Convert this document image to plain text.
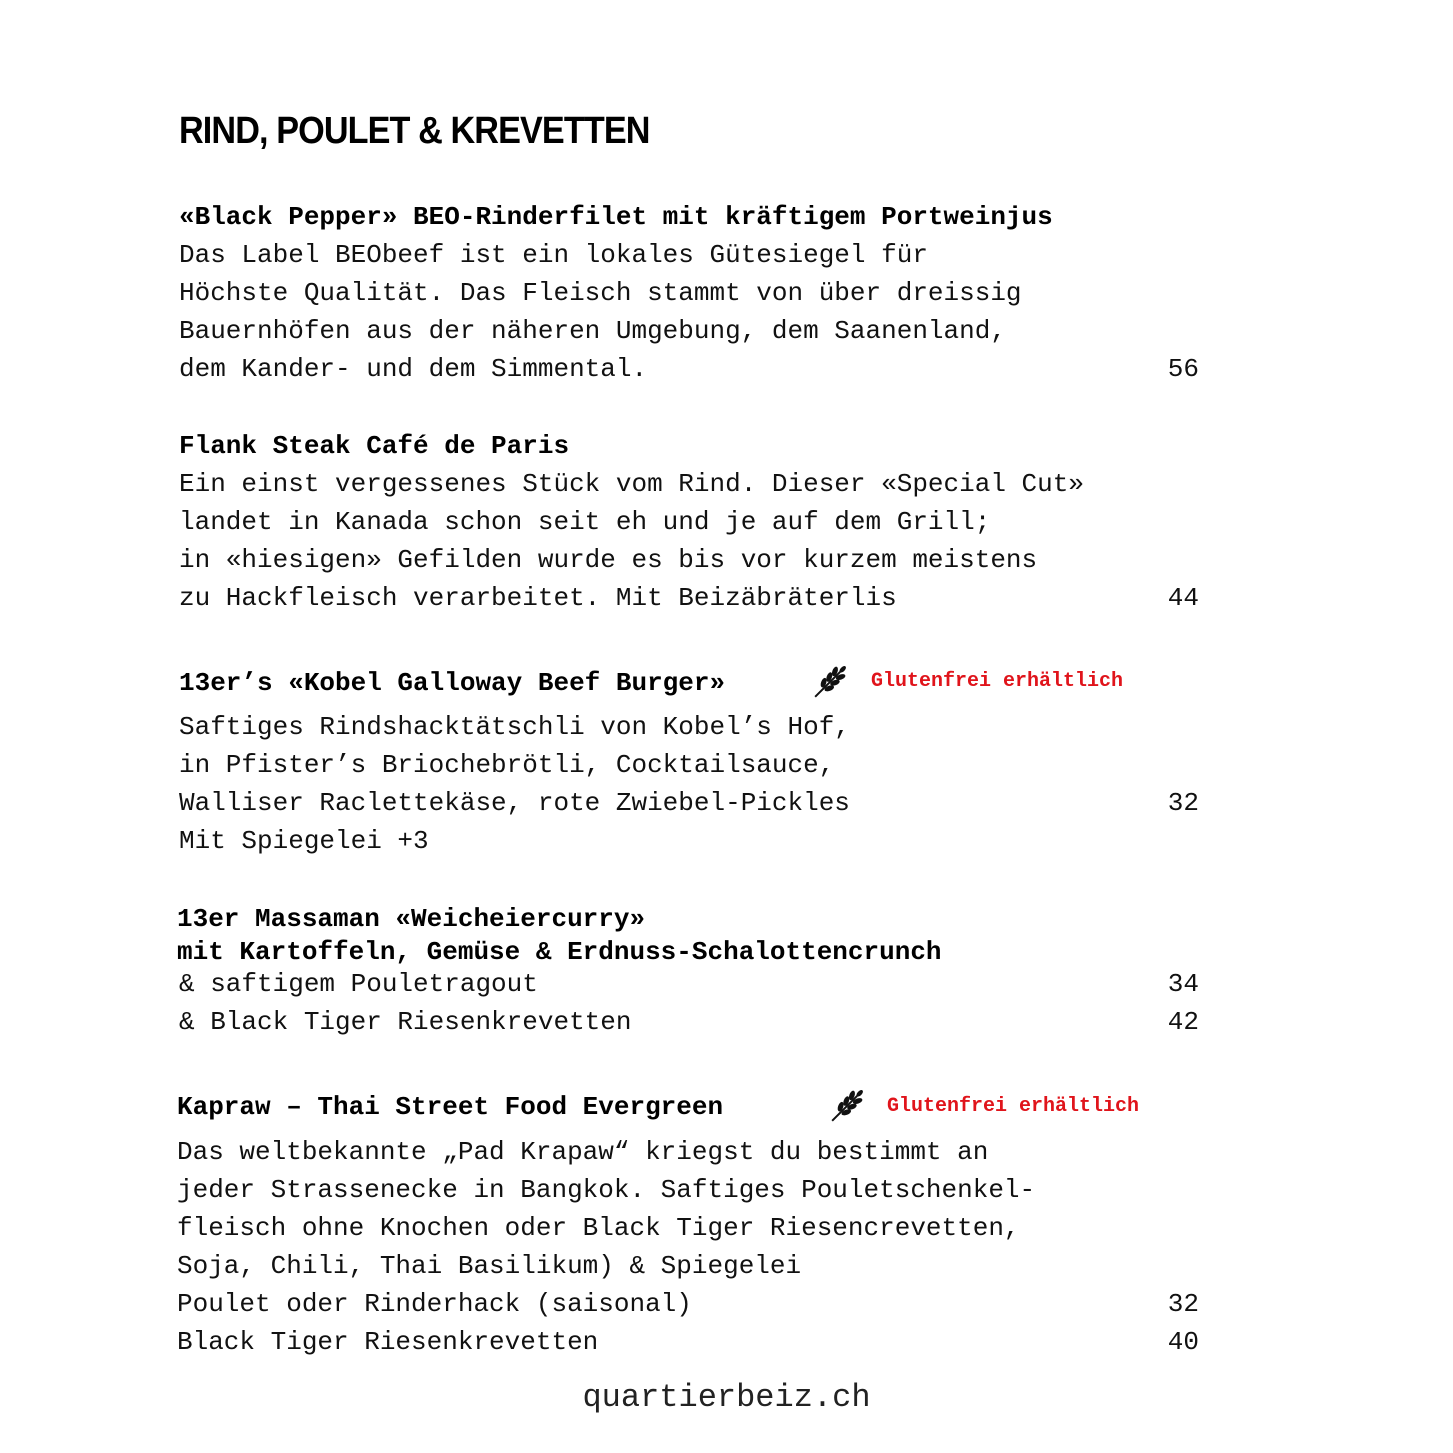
RIND, POULET & KREVETTEN
«Black Pepper» BEO-Rinderfilet mit kräftigem Portweinjus

Das Label BEObeef ist ein lokales Gütesiegel für

Höchste Qualität. Das Fleisch stammt von über dreissig

Bauernhöfen aus der näheren Umgebung, dem Saanenland,

dem Kander- und dem Simmental.

	56

Flank Steak Café de Paris

Ein einst vergessenes Stück vom Rind. Dieser «Special Cut»

landet in Kanada schon seit eh und je auf dem Grill;

in «hiesigen» Gefilden wurde es bis vor kurzem meistens

zu Hackfleisch verarbeitet. Mit Beizäbräterlis

	44

13er’s «Kobel Galloway Beef Burger»	Glutenfrei erhältlich

Saftiges Rindshacktätschli von Kobel’s Hof,

in Pfister’s Briochebrötli, Cocktailsauce,

Walliser Raclettekäse, rote Zwiebel-Pickles

	32

Mit Spiegelei +3

13er Massaman «Weicheiercurry»
mit Kartoffeln, Gemüse & Erdnuss-Schalottencrunch

& saftigem Pouletragout

	34

& Black Tiger Riesenkrevetten

	42

Kapraw – Thai Street Food Evergreen	Glutenfrei erhältlich

Das weltbekannte „Pad Krapaw“ kriegst du bestimmt an

jeder Strassenecke in Bangkok. Saftiges Pouletschenkel-

fleisch ohne Knochen oder Black Tiger Riesencrevetten,

Soja, Chili, Thai Basilikum) & Spiegelei

Poulet oder Rinderhack (saisonal)

	32

Black Tiger Riesenkrevetten

	40

quartierbeiz.ch
